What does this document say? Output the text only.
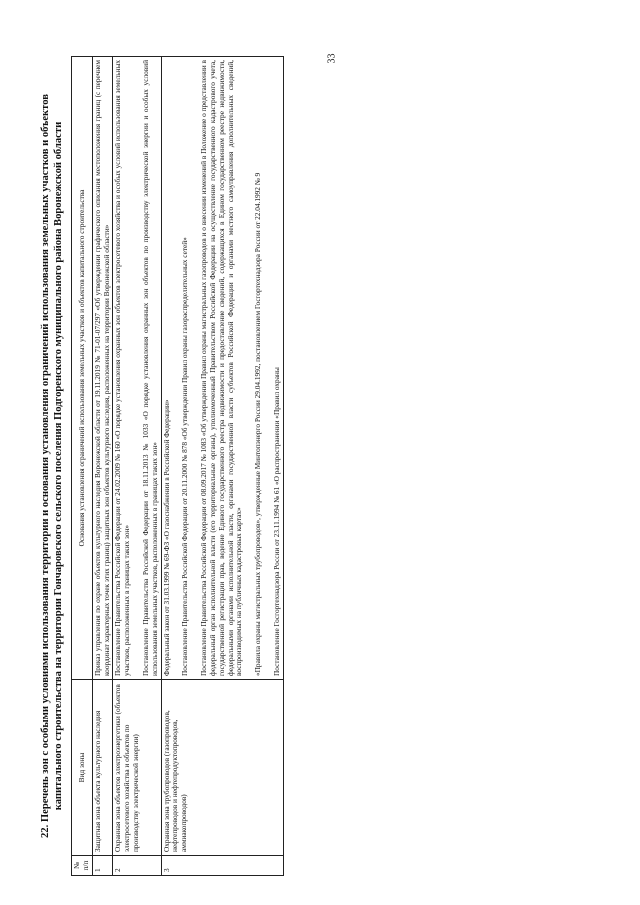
33
22. Перечень зон с особыми условиями использования территории и основания установления ограничений использования земельных участков и объектов капитального строительства на территории Гончаровского сельского поселения Подгоренского муниципального района Воронежской области
№ п/п	Вид зоны	Основания установления ограничений использования земельных участков и объектов капитального строительства
1	Защитная зона объекта культурного наследия	Приказ управления по охране объектов культурного наследия Воронежской области от 19.11.2019 № 71-01-07/297 «Об утверждении графического описания местоположения границ (с перечнем координат характерных точек этих границ) защитных зон объектов культурного наследия, расположенных на территории Воронежской области»

2	Охранная зона объектов электроэнергетики (объектов электросетевого хозяйства и объектов по производству электрической энергии)	Постановление Правительства Российской Федерации от 24.02.2009 № 160 «О порядке установления охранных зон объектов электросетевого хозяйства и особых условий использования земельных участков, расположенных в границах таких зон» Постановление Правительства Российской Федерации от 18.11.2013 № 1033 «О порядке установления охранных зон объектов по производству электрической энергии и особых условий использования земельных участков, расположенных в границах таких зон»

3	Охранная зона трубопроводов (газопроводов, нефтепроводов и нефтепродуктопроводов, аммиакопроводов)	Федеральный закон от 31.03.1999 № 69-ФЗ «О газоснабжении в Российской Федерации» Постановление Правительства Российской Федерации от 20.11.2000 № 878 «Об утверждении Правил охраны газораспределительных сетей» Постановление Правительства Российской Федерации от 08.09.2017 № 1083 «Об утверждении Правил охраны магистральных газопроводов и о внесении изменений в Положение о представлении в федеральный орган исполнительной власти (его территориальные органы), уполномоченный Правительством Российской Федерации на осуществление государственного кадастрового учета, государственной регистрации прав, ведение Единого государственного реестра недвижимости и предоставление сведений, содержащихся в Едином государственном реестре недвижимости, федеральными органами исполнительной власти, органами государственной власти субъектов Российской Федерации и органами местного самоуправления дополнительных сведений, воспроизводимых на публичных кадастровых картах» «Правила охраны магистральных трубопроводов», утвержденные Минтопэнерго России 29.04.1992, постановлением Госгортехнадзора России от 22.04.1992 № 9 Постановление Госгортехнадзора России от 23.11.1994 № 61 «О распространении «Правил охраны
